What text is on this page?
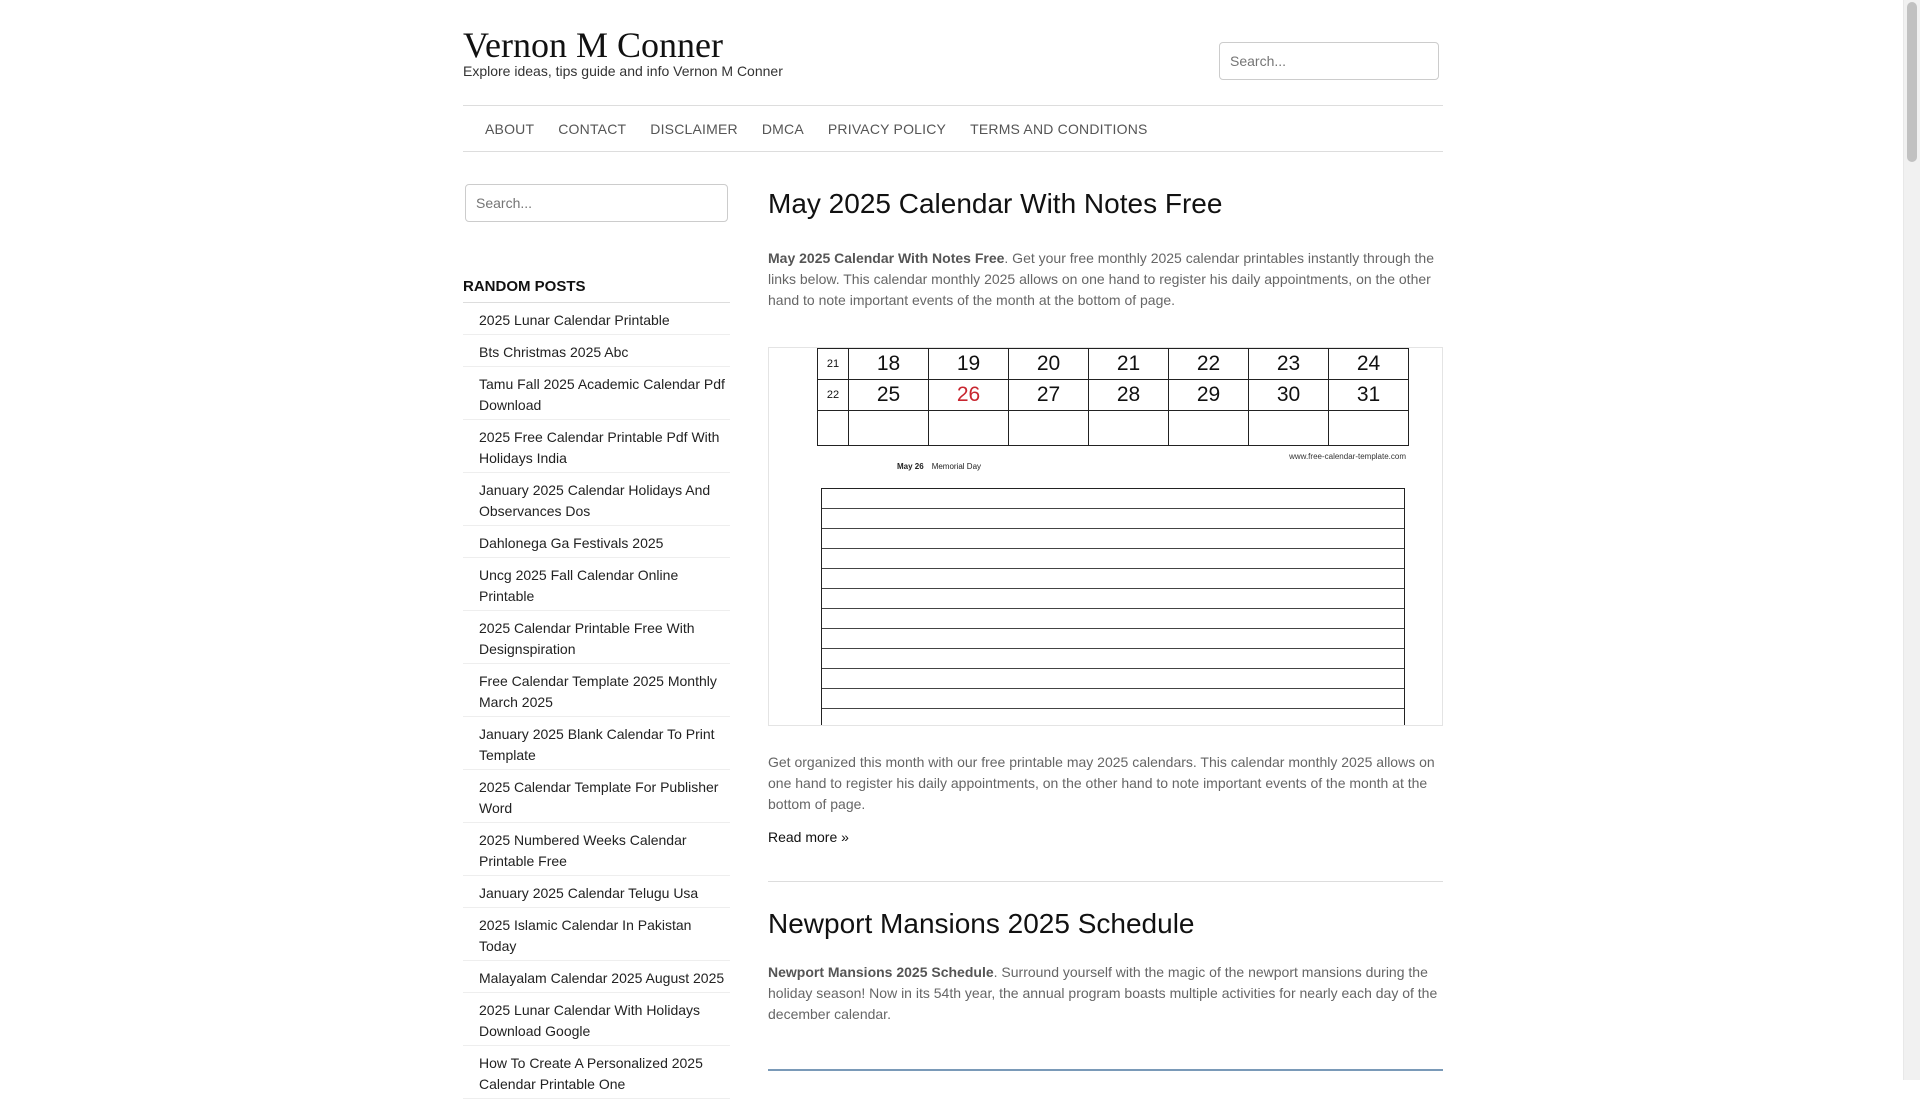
Vernon M Conner
Explore ideas, tips guide and info Vernon M Conner
Search...
ABOUT	CONTACT	DISCLAIMER	DMCA	PRIVACY POLICY	TERMS AND CONDITIONS
Search...
RANDOM POSTS
2025 Lunar Calendar Printable
Bts Christmas 2025 Abc
Tamu Fall 2025 Academic Calendar Pdf Download
2025 Free Calendar Printable Pdf With Holidays India
January 2025 Calendar Holidays And Observances Dos
Dahlonega Ga Festivals 2025
Uncg 2025 Fall Calendar Online Printable
2025 Calendar Printable Free With Designspiration
Free Calendar Template 2025 Monthly March 2025
January 2025 Blank Calendar To Print Template
2025 Calendar Template For Publisher Word
2025 Numbered Weeks Calendar Printable Free
January 2025 Calendar Telugu Usa
2025 Islamic Calendar In Pakistan Today
Malayalam Calendar 2025 August 2025
2025 Lunar Calendar With Holidays Download Google
How To Create A Personalized 2025 Calendar Printable One
May 2025 Calendar With Notes Free

May 2025 Calendar With Notes Free. Get your free monthly 2025 calendar printables instantly through the links below. This calendar monthly 2025 allows on one hand to register his daily appointments, on the other hand to note important events of the month at the bottom of page.

21	18	19	20	21	22	23	24
22	25	26	27	28	29	30	31

www.free-calendar-template.com
May 26 Memorial Day

Get organized this month with our free printable may 2025 calendars. This calendar monthly 2025 allows on one hand to register his daily appointments, on the other hand to note important events of the month at the bottom of page.

Read more »
Newport Mansions 2025 Schedule

Newport Mansions 2025 Schedule. Surround yourself with the magic of the newport mansions during the holiday season! Now in its 54th year, the annual program boasts multiple activities for nearly each day of the december calendar.
